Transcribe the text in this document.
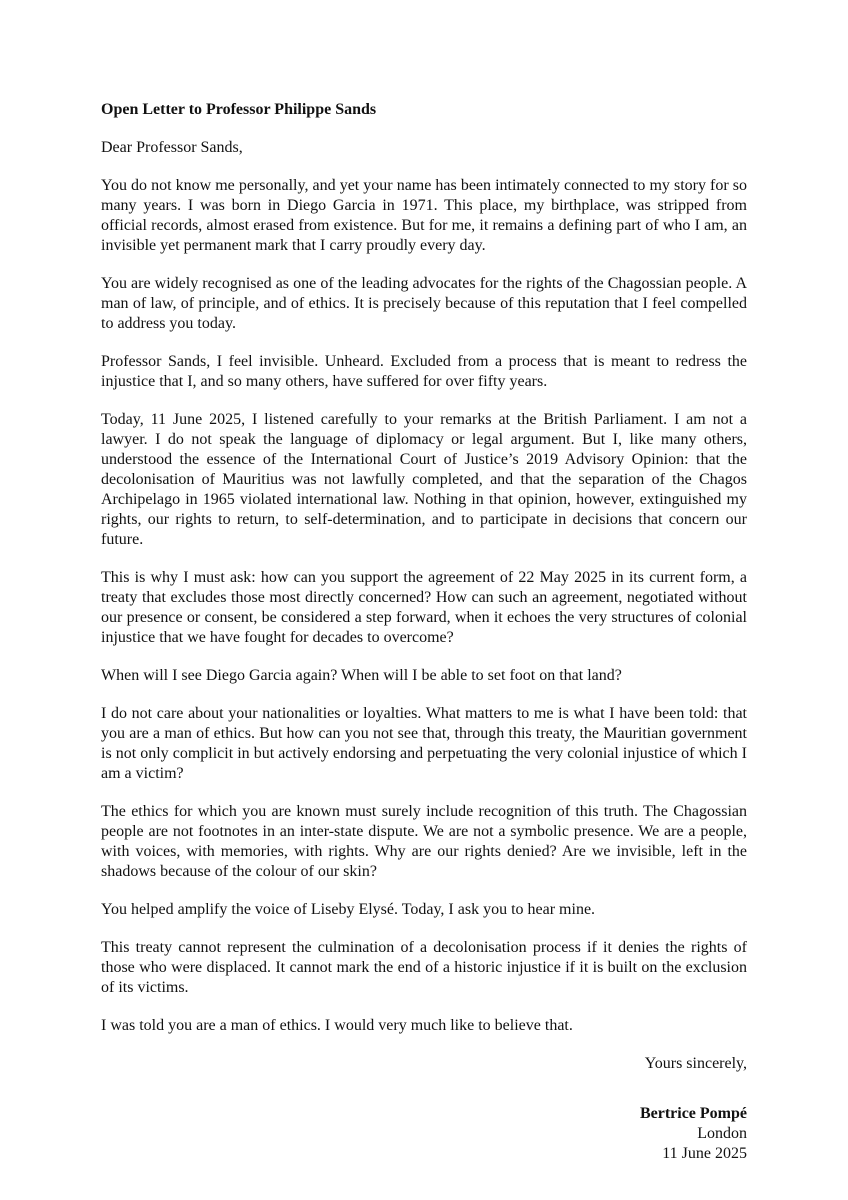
Open Letter to Professor Philippe Sands
Dear Professor Sands,

You do not know me personally, and yet your name has been intimately connected to my story for so many years. I was born in Diego Garcia in 1971. This place, my birthplace, was stripped from official records, almost erased from existence. But for me, it remains a defining part of who I am, an invisible yet permanent mark that I carry proudly every day.

You are widely recognised as one of the leading advocates for the rights of the Chagossian people. A man of law, of principle, and of ethics. It is precisely because of this reputation that I feel compelled to address you today.

Professor Sands, I feel invisible. Unheard. Excluded from a process that is meant to redress the injustice that I, and so many others, have suffered for over fifty years.

Today, 11 June 2025, I listened carefully to your remarks at the British Parliament. I am not a lawyer. I do not speak the language of diplomacy or legal argument. But I, like many others, understood the essence of the International Court of Justice’s 2019 Advisory Opinion: that the decolonisation of Mauritius was not lawfully completed, and that the separation of the Chagos Archipelago in 1965 violated international law. Nothing in that opinion, however, extinguished my rights, our rights to return, to self-determination, and to participate in decisions that concern our future.

This is why I must ask: how can you support the agreement of 22 May 2025 in its current form, a treaty that excludes those most directly concerned? How can such an agreement, negotiated without our presence or consent, be considered a step forward, when it echoes the very structures of colonial injustice that we have fought for decades to overcome?

When will I see Diego Garcia again? When will I be able to set foot on that land?

I do not care about your nationalities or loyalties. What matters to me is what I have been told: that you are a man of ethics. But how can you not see that, through this treaty, the Mauritian government is not only complicit in but actively endorsing and perpetuating the very colonial injustice of which I am a victim?

The ethics for which you are known must surely include recognition of this truth. The Chagossian people are not footnotes in an inter-state dispute. We are not a symbolic presence. We are a people, with voices, with memories, with rights. Why are our rights denied? Are we invisible, left in the shadows because of the colour of our skin?

You helped amplify the voice of Liseby Elysé. Today, I ask you to hear mine.

This treaty cannot represent the culmination of a decolonisation process if it denies the rights of those who were displaced. It cannot mark the end of a historic injustice if it is built on the exclusion of its victims.

I was told you are a man of ethics. I would very much like to believe that.

Yours sincerely,
Bertrice Pompé
London
11 June 2025
